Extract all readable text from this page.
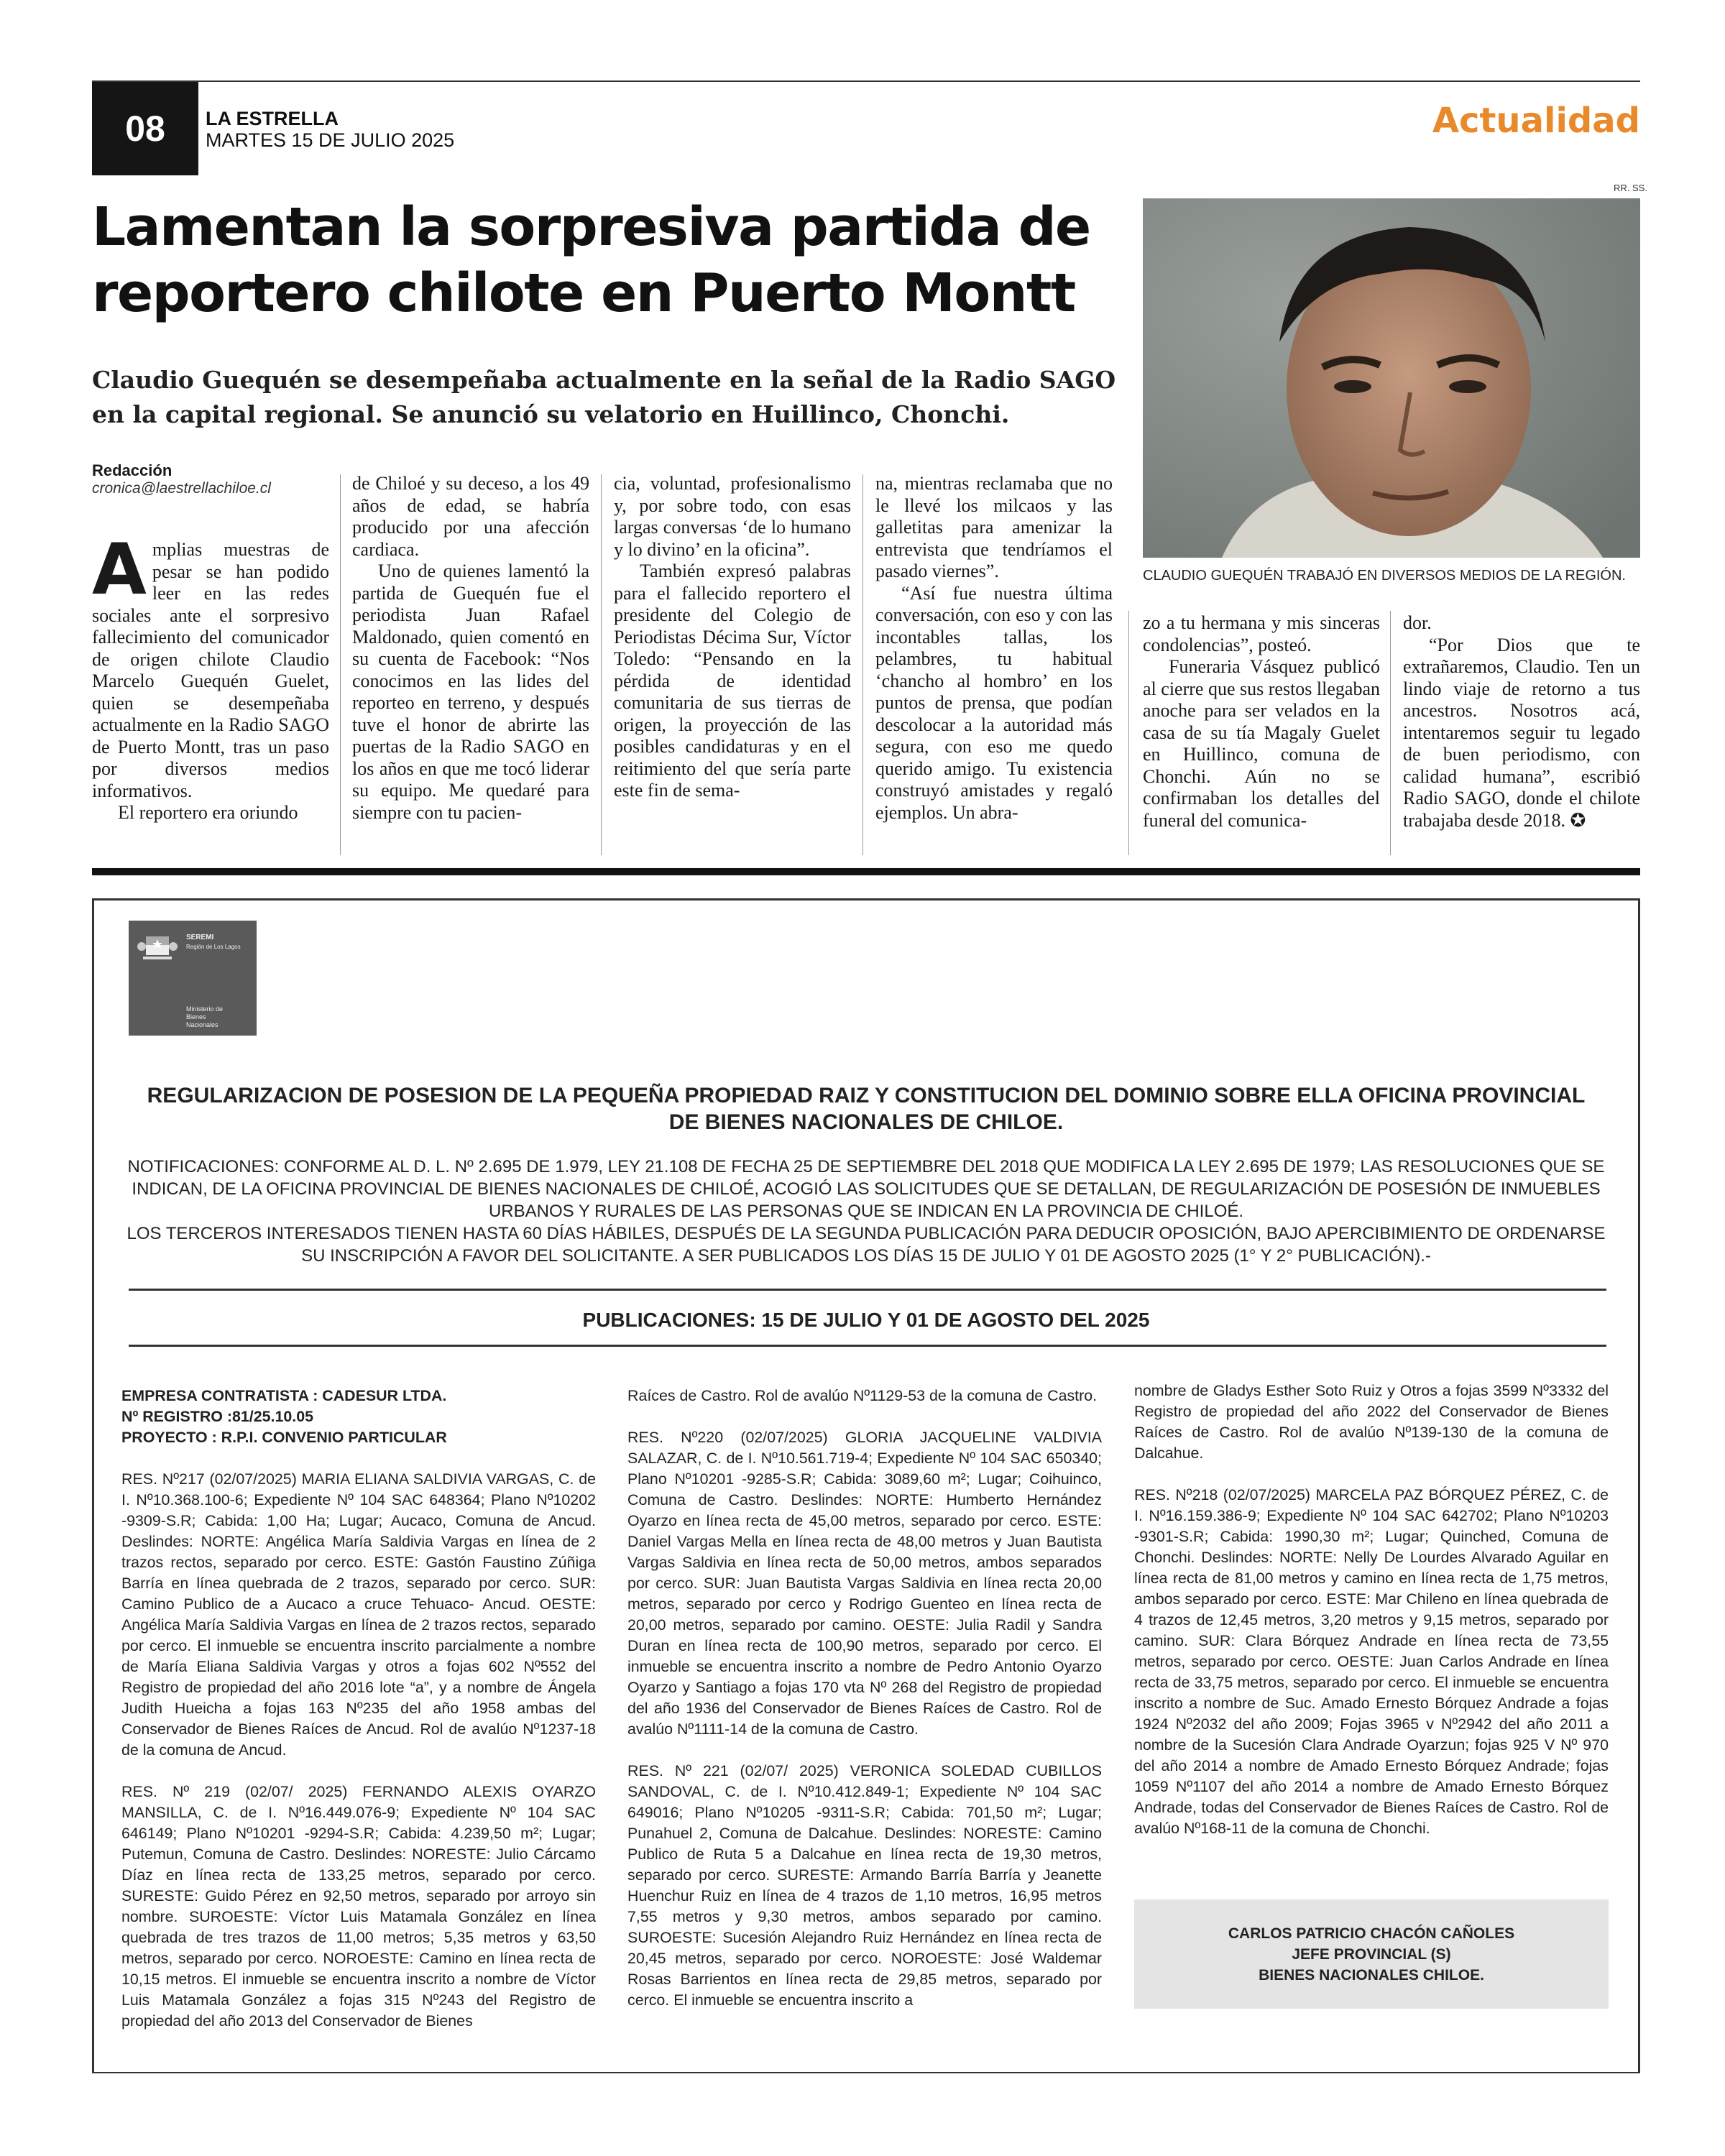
08	LA ESTRELLA
MARTES 15 DE JULIO 2025	Actualidad
Lamentan la sorpresiva partida de
reportero chilote en Puerto Montt
Claudio Guequén se desempeñaba actualmente en la señal de la Radio SAGO
en la capital regional. Se anunció su velatorio en Huillinco, Chonchi.
RR. SS.
CLAUDIO GUEQUÉN TRABAJÓ EN DIVERSOS MEDIOS DE LA REGIÓN.
Redacción
cronica@laestrellachiloe.cl

Amplias muestras de pesar se han podido leer en las redes sociales ante el sorpresivo fallecimiento del comunicador de origen chilote Claudio Marcelo Guequén Guelet, quien se desempeñaba actualmente en la Radio SAGO de Puerto Montt, tras un paso por diversos medios informativos.

El reportero era oriundo

de Chiloé y su deceso, a los 49 años de edad, se habría producido por una afección cardiaca.

Uno de quienes lamentó la partida de Guequén fue el periodista Juan Rafael Maldonado, quien comentó en su cuenta de Facebook: “Nos conocimos en las lides del reporteo en terreno, y después tuve el honor de abrirte las puertas de la Radio SAGO en los años en que me tocó liderar su equipo. Me quedaré para siempre con tu pacien-

cia, voluntad, profesionalismo y, por sobre todo, con esas largas conversas ‘de lo humano y lo divino’ en la oficina”.

También expresó palabras para el fallecido reportero el presidente del Colegio de Periodistas Décima Sur, Víctor Toledo: “Pensando en la pérdida de identidad comunitaria de sus tierras de origen, la proyección de las posibles candidaturas y en el reitimiento del que sería parte este fin de sema-

na, mientras reclamaba que no le llevé los milcaos y las galletitas para amenizar la entrevista que tendríamos el pasado viernes”.

“Así fue nuestra última conversación, con eso y con las incontables tallas, los pelambres, tu habitual ‘chancho al hombro’ en los puntos de prensa, que podían descolocar a la autoridad más segura, con eso me quedo querido amigo. Tu existencia construyó amistades y regaló ejemplos. Un abra-

zo a tu hermana y mis sinceras condolencias”, posteó.

Funeraria Vásquez publicó al cierre que sus restos llegaban anoche para ser velados en la casa de su tía Magaly Guelet en Huillinco, comuna de Chonchi. Aún no se confirmaban los detalles del funeral del comunica-

dor.

“Por Dios que te extrañaremos, Claudio. Ten un lindo viaje de retorno a tus ancestros. Nosotros acá, intentaremos seguir tu legado de buen periodismo, con calidad humana”, escribió Radio SAGO, donde el chilote trabajaba desde 2018. ✪

SEREMI
Región de Los Lagos
Ministerio de
Bienes
Nacionales
REGULARIZACION DE POSESION DE LA PEQUEÑA PROPIEDAD RAIZ Y CONSTITUCION DEL DOMINIO SOBRE ELLA OFICINA PROVINCIAL
DE BIENES NACIONALES DE CHILOE.
NOTIFICACIONES: CONFORME AL D. L. Nº 2.695 DE 1.979, LEY 21.108 DE FECHA 25 DE SEPTIEMBRE DEL 2018 QUE MODIFICA LA LEY 2.695 DE 1979; LAS RESOLUCIONES QUE SE INDICAN, DE LA OFICINA PROVINCIAL DE BIENES NACIONALES DE CHILOÉ, ACOGIÓ LAS SOLICITUDES QUE SE DETALLAN, DE REGULARIZACIÓN DE POSESIÓN DE INMUEBLES URBANOS Y RURALES DE LAS PERSONAS QUE SE INDICAN EN LA PROVINCIA DE CHILOÉ.
LOS TERCEROS INTERESADOS TIENEN HASTA 60 DÍAS HÁBILES, DESPUÉS DE LA SEGUNDA PUBLICACIÓN PARA DEDUCIR OPOSICIÓN, BAJO APERCIBIMIENTO DE ORDENARSE SU INSCRIPCIÓN A FAVOR DEL SOLICITANTE. A SER PUBLICADOS LOS DÍAS 15 DE JULIO Y 01 DE AGOSTO 2025 (1° Y 2° PUBLICACIÓN).-
PUBLICACIONES: 15 DE JULIO Y 01 DE AGOSTO DEL 2025
EMPRESA CONTRATISTA : CADESUR LTDA.
Nº REGISTRO :81/25.10.05
PROYECTO : R.P.I. CONVENIO PARTICULAR

RES. Nº217 (02/07/2025) MARIA ELIANA SALDIVIA VARGAS, C. de I. Nº10.368.100-6; Expediente Nº 104 SAC 648364; Plano Nº10202 -9309-S.R; Cabida: 1,00 Ha; Lugar; Aucaco, Comuna de Ancud. Deslindes: NORTE: Angélica María Saldivia Vargas en línea de 2 trazos rectos, separado por cerco. ESTE: Gastón Faustino Zúñiga Barría en línea quebrada de 2 trazos, separado por cerco. SUR: Camino Publico de a Aucaco a cruce Tehuaco- Ancud. OESTE: Angélica María Saldivia Vargas en línea de 2 trazos rectos, separado por cerco. El inmueble se encuentra inscrito parcialmente a nombre de María Eliana Saldivia Vargas y otros a fojas 602 Nº552 del Registro de propiedad del año 2016 lote “a”, y a nombre de Ángela Judith Hueicha a fojas 163 Nº235 del año 1958 ambas del Conservador de Bienes Raíces de Ancud. Rol de avalúo Nº1237-18 de la comuna de Ancud.

RES. Nº 219 (02/07/ 2025) FERNANDO ALEXIS OYARZO MANSILLA, C. de I. Nº16.449.076-9; Expediente Nº 104 SAC 646149; Plano Nº10201 -9294-S.R; Cabida: 4.239,50 m²; Lugar; Putemun, Comuna de Castro. Deslindes: NORESTE: Julio Cárcamo Díaz en línea recta de 133,25 metros, separado por cerco. SURESTE: Guido Pérez en 92,50 metros, separado por arroyo sin nombre. SUROESTE: Víctor Luis Matamala González en línea quebrada de tres trazos de 11,00 metros; 5,35 metros y 63,50 metros, separado por cerco. NOROESTE: Camino en línea recta de 10,15 metros. El inmueble se encuentra inscrito a nombre de Víctor Luis Matamala González a fojas 315 Nº243 del Registro de propiedad del año 2013 del Conservador de Bienes

Raíces de Castro. Rol de avalúo Nº1129-53 de la comuna de Castro.

RES. Nº220 (02/07/2025) GLORIA JACQUELINE VALDIVIA SALAZAR, C. de I. Nº10.561.719-4; Expediente Nº 104 SAC 650340; Plano Nº10201 -9285-S.R; Cabida: 3089,60 m²; Lugar; Coihuinco, Comuna de Castro. Deslindes: NORTE: Humberto Hernández Oyarzo en línea recta de 45,00 metros, separado por cerco. ESTE: Daniel Vargas Mella en línea recta de 48,00 metros y Juan Bautista Vargas Saldivia en línea recta de 50,00 metros, ambos separados por cerco. SUR: Juan Bautista Vargas Saldivia en línea recta 20,00 metros, separado por cerco y Rodrigo Guenteo en línea recta de 20,00 metros, separado por camino. OESTE: Julia Radil y Sandra Duran en línea recta de 100,90 metros, separado por cerco. El inmueble se encuentra inscrito a nombre de Pedro Antonio Oyarzo Oyarzo y Santiago a fojas 170 vta Nº 268 del Registro de propiedad del año 1936 del Conservador de Bienes Raíces de Castro. Rol de avalúo Nº1111-14 de la comuna de Castro.

RES. Nº 221 (02/07/ 2025) VERONICA SOLEDAD CUBILLOS SANDOVAL, C. de I. Nº10.412.849-1; Expediente Nº 104 SAC 649016; Plano Nº10205 -9311-S.R; Cabida: 701,50 m²; Lugar; Punahuel 2, Comuna de Dalcahue. Deslindes: NORESTE: Camino Publico de Ruta 5 a Dalcahue en línea recta de 19,30 metros, separado por cerco. SURESTE: Armando Barría Barría y Jeanette Huenchur Ruiz en línea de 4 trazos de 1,10 metros, 16,95 metros 7,55 metros y 9,30 metros, ambos separado por camino. SUROESTE: Sucesión Alejandro Ruiz Hernández en línea recta de 20,45 metros, separado por cerco. NOROESTE: José Waldemar Rosas Barrientos en línea recta de 29,85 metros, separado por cerco. El inmueble se encuentra inscrito a

nombre de Gladys Esther Soto Ruiz y Otros a fojas 3599 Nº3332 del Registro de propiedad del año 2022 del Conservador de Bienes Raíces de Castro. Rol de avalúo Nº139-130 de la comuna de Dalcahue.

RES. Nº218 (02/07/2025) MARCELA PAZ BÓRQUEZ PÉREZ, C. de I. Nº16.159.386-9; Expediente Nº 104 SAC 642702; Plano Nº10203 -9301-S.R; Cabida: 1990,30 m²; Lugar; Quinched, Comuna de Chonchi. Deslindes: NORTE: Nelly De Lourdes Alvarado Aguilar en línea recta de 81,00 metros y camino en línea recta de 1,75 metros, ambos separado por cerco. ESTE: Mar Chileno en línea quebrada de 4 trazos de 12,45 metros, 3,20 metros y 9,15 metros, separado por camino. SUR: Clara Bórquez Andrade en línea recta de 73,55 metros, separado por cerco. OESTE: Juan Carlos Andrade en línea recta de 33,75 metros, separado por cerco. El inmueble se encuentra inscrito a nombre de Suc. Amado Ernesto Bórquez Andrade a fojas 1924 Nº2032 del año 2009; Fojas 3965 v Nº2942 del año 2011 a nombre de la Sucesión Clara Andrade Oyarzun; fojas 925 V Nº 970 del año 2014 a nombre de Amado Ernesto Bórquez Andrade; fojas 1059 Nº1107 del año 2014 a nombre de Amado Ernesto Bórquez Andrade, todas del Conservador de Bienes Raíces de Castro. Rol de avalúo Nº168-11 de la comuna de Chonchi.

CARLOS PATRICIO CHACÓN CAÑOLES
JEFE PROVINCIAL (S)
BIENES NACIONALES CHILOE.
